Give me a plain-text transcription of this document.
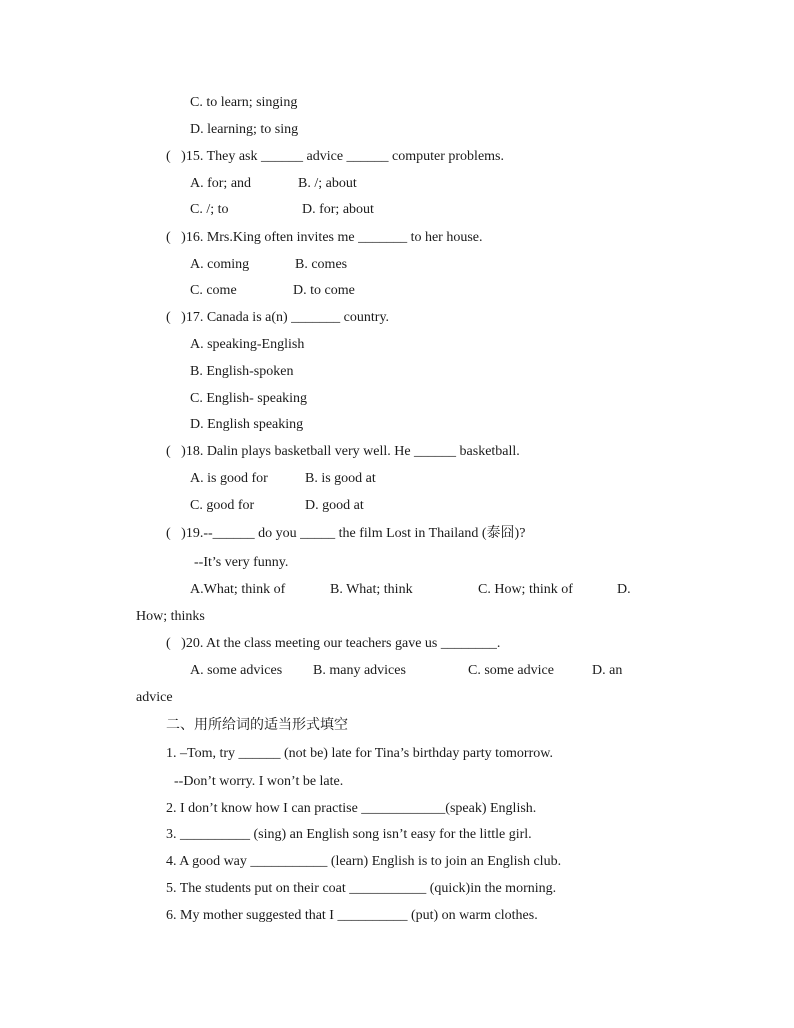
C. to learn; singing
D. learning; to sing
(   )15. They ask ______ advice ______ computer problems.
A. for; and	B. /; about
C. /; to	D. for; about
(   )16. Mrs.King often invites me _______ to her house.
A. coming	B. comes
C. come	D. to come
(   )17. Canada is a(n) _______ country.
A. speaking-English
B. English-spoken
C. English- speaking
D. English speaking
(   )18. Dalin plays basketball very well. He ______ basketball.
A. is good for	B. is good at
C. good for	D. good at
(   )19.--______ do you _____ the film Lost in Thailand (泰囧)?
--It’s very funny.
A.What; think of	B. What; think	C. How; think of	D.
How; thinks
(   )20. At the class meeting our teachers gave us ________.
A. some advices B. many advices	C. some advice	D. an
advice
二、用所给词的适当形式填空
1. –Tom, try ______ (not be) late for Tina’s birthday party tomorrow.
--Don’t worry. I won’t be late.
2. I don’t know how I can practise ____________(speak) English.
3. __________ (sing) an English song isn’t easy for the little girl.
4. A good way ___________ (learn) English is to join an English club.
5. The students put on their coat ___________ (quick)in the morning.
6. My mother suggested that I __________ (put) on warm clothes.
